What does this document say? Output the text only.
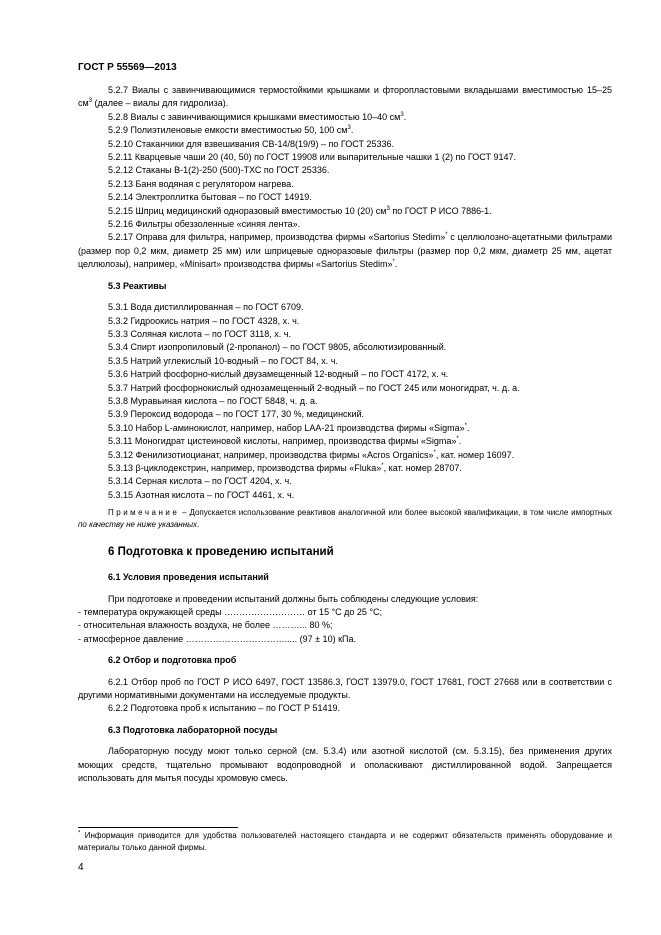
ГОСТ Р 55569—2013

5.2.7 Виалы с завинчивающимися термостойкими крышками и фторопластовыми вкладышами вместимостью 15–25 $см^3$ (далее – виалы для гидролиза).

5.2.8 Виалы с завинчивающимися крышками вместимостью 10–40 $см^3$.

5.2.9 Полиэтиленовые емкости вместимостью 50, 100 $см^3$.

5.2.10 Стаканчики для взвешивания СВ-14/8(19/9) – по ГОСТ 25336.

5.2.11 Кварцевые чаши 20 (40, 50) по ГОСТ 19908 или выпарительные чашки 1 (2) по ГОСТ 9147.

5.2.12 Стаканы В-1(2)-250 (500)-ТХС по ГОСТ 25336.

5.2.13 Баня водяная с регулятором нагрева.

5.2.14 Электроплитка бытовая – по ГОСТ 14919.

5.2.15 Шприц медицинский одноразовый вместимостью 10 (20) $см^3$ по ГОСТ Р ИСО 7886-1.

5.2.16 Фильтры обеззоленные «синяя лента».

5.2.17 Оправа для фильтра, например, производства фирмы «Sartorius Stedim»* с целлюлозно-ацетатными фильтрами (размер пор 0,2 мкм, диаметр 25 мм) или шприцевые одноразовые фильтры (размер пор 0,2 мкм, диаметр 25 мм, ацетат целлюлозы), например, «Minisart» производства фирмы «Sartorius Stedim»*.

5.3 Реактивы

5.3.1 Вода дистиллированная – по ГОСТ 6709.

5.3.2 Гидроокись натрия – по ГОСТ 4328, х. ч.

5.3.3 Соляная кислота – по ГОСТ 3118, х. ч.

5.3.4 Спирт изопропиловый (2-пропанол) – по ГОСТ 9805, абсолютизированный.

5.3.5 Натрий углекислый 10-водный – по ГОСТ 84, х. ч.

5.3.6 Натрий фосфорно-кислый двузамещенный 12-водный – по ГОСТ 4172, х. ч.

5.3.7 Натрий фосфорнокислый однозамещенный 2-водный – по ГОСТ 245 или моногидрат, ч. д. а.

5.3.8 Муравьиная кислота – по ГОСТ 5848, ч. д. а.

5.3.9 Пероксид водорода – по ГОСТ 177, 30 %, медицинский.

5.3.10 Набор L-аминокислот, например, набор LAA-21 производства фирмы «Sigma»*.

5.3.11 Моногидрат цистеиновой кислоты, например, производства фирмы «Sigma»*.

5.3.12 Фенилизотиоцианат, например, производства фирмы «Acros Organics»*, кат. номер 16097.

5.3.13 β-циклодекстрин, например, производства фирмы «Fluka»*, кат. номер 28707.

5.3.14 Серная кислота – по ГОСТ 4204, х. ч.

5.3.15 Азотная кислота – по ГОСТ 4461, х. ч.

Примечание – Допускается использование реактивов аналогичной или более высокой квалификации, в том числе импортных по качеству не ниже указанных.

6 Подготовка к проведению испытаний

6.1 Условия проведения испытаний

При подготовке и проведении испытаний должны быть соблюдены следующие условия:

- температура окружающей среды ……………………… от 15 °С до 25 °С;

- относительная влажность воздуха, не более ………... 80 %;

- атмосферное давление ……………………………..... (97 ± 10) кПа.

6.2 Отбор и подготовка проб

6.2.1 Отбор проб по ГОСТ Р ИСО 6497, ГОСТ 13586.3, ГОСТ 13979.0, ГОСТ 17681, ГОСТ 27668 или в соответствии с другими нормативными документами на исследуемые продукты.

6.2.2 Подготовка проб к испытанию – по ГОСТ Р 51419.

6.3 Подготовка лабораторной посуды

Лабораторную посуду моют только серной (см. 5.3.4) или азотной кислотой (см. 5.3.15), без применения других моющих средств, тщательно промывают водопроводной и ополаскивают дистиллированной водой. Запрещается использовать для мытья посуды хромовую смесь.

* Информация приводится для удобства пользователей настоящего стандарта и не содержит обязательств применять оборудование и материалы только данной фирмы.
4
